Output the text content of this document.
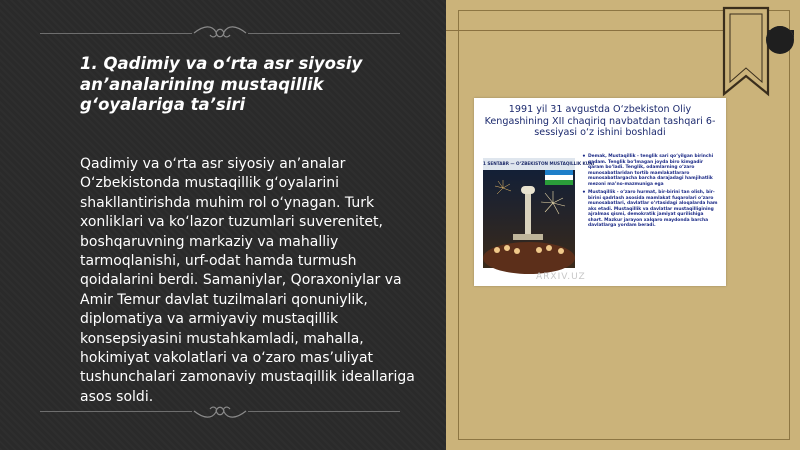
1. Qadimiy va o‘rta asr siyosiy an’analarining mustaqillik g‘oyalariga ta’siri

Qadimiy va o‘rta asr siyosiy an’analar O‘zbekistonda mustaqillik g‘oyalarini shakllantirishda muhim rol o‘ynagan. Turk xonliklari va ko‘lazor tuzumlari suverenitet, boshqaruvning markaziy va mahalliy tarmoqlanishi, urf-odat hamda turmush qoidalarini berdi. Samaniylar, Qoraxoniylar va Amir Temur davlat tuzilmalari qonuniylik, diplomatiya va armiyaviy mustaqillik konsepsiyasini mustahkamladi, mahalla, hokimiyat vakolatlari va o‘zaro mas’uliyat tushunchalari zamonaviy mustaqillik ideallariga asos soldi.

1991 yil 31 avgustda O‘zbekiston Oliy Kengashining XII chaqiriq navbatdan tashqari 6-sessiyasi o‘z ishini boshladi
1 SENTABR — O‘ZBEKISTON MUSTAQILLIK KUNI
• Demak, Mustaqillik - tenglik sari qo‘yilgan birinchi qadam. Tenglik bo‘lmagan joyda biro kimgadir qaram bo‘ladi. Tenglik, odamlarning o‘zaro munosabatlaridan tortib mamlakatlararo munosabatlargacha barcha darajadagi hamjihatlik mezoni ma’no-mazmuniga ega
• Mustaqillik - o‘zaro hurmat, bir-birini tan olish, bir-birini qadrlash asosida mamlakat fuqarolari o‘zaro munosabatlari, davlatlar o‘rtasidagi aloqalarda ham aks etadi. Mustaqillik va davlatlar mustaqilligining ajralmas qismi, demokratik jamiyat qurilishiga shart. Mazkur jarayon xalqaro maydonda barcha davlatlarga yordam beradi.
ARXIV.UZ
